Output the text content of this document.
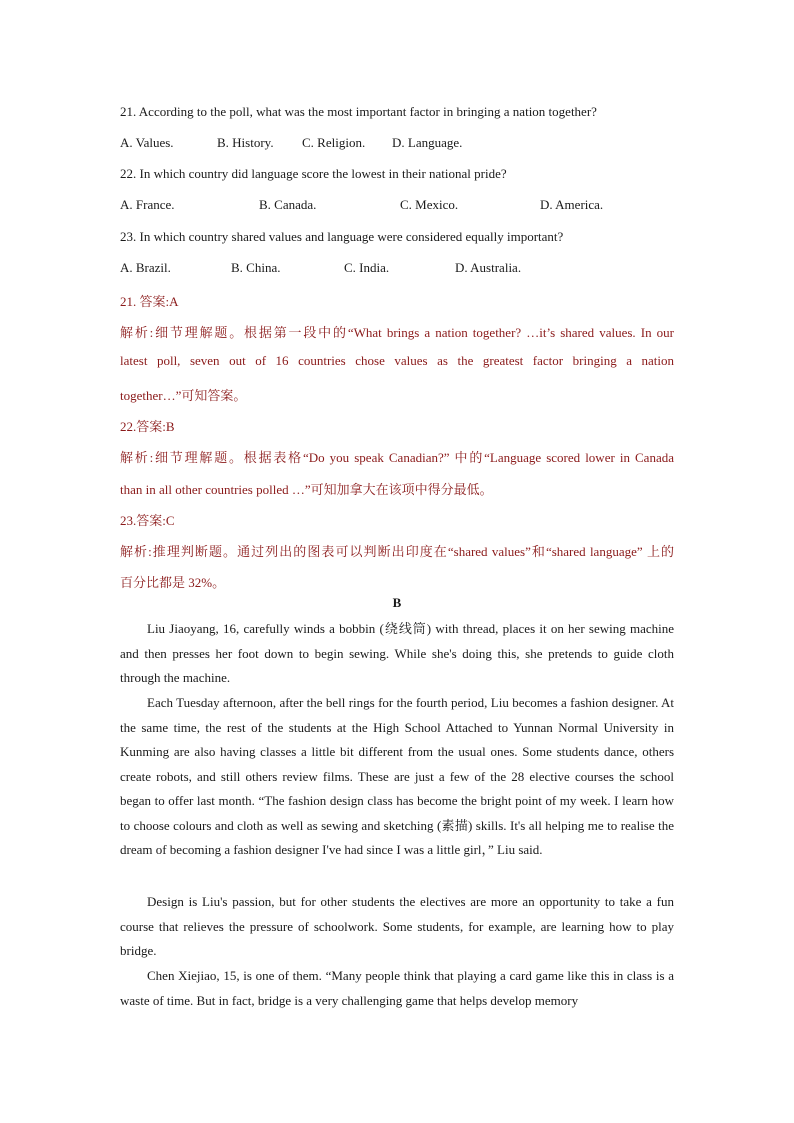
21. According to the poll, what was the most important factor in bringing a nation together?
A. Values.	B. History. C. Religion. D. Language.
22. In which country did language score the lowest in their national pride?
A. France.	B. Canada.	C. Mexico.	D. America.
23. In which country shared values and language were considered equally important?
A. Brazil.	B. China.	C. India.	D. Australia.
21. 答案:A
解析:细节理解题。根据第一段中的“What brings a nation together? …it’s shared values. In our
latest poll, seven out of 16 countries chose values as the greatest factor bringing a nation
together…”可知答案。
22.答案:B
解析:细节理解题。根据表格“Do you speak Canadian?” 中的“Language scored lower in Canada
than in all other countries polled …”可知加拿大在该项中得分最低。
23.答案:C
解析:推理判断题。通过列出的图表可以判断出印度在“shared values”和“shared language” 上的
百分比都是 32%。
B
Liu Jiaoyang, 16, carefully winds a bobbin (绕线筒) with thread, places it on her sewing machine and then presses her foot down to begin sewing. While she's doing this, she pretends to guide cloth through the machine.
Each Tuesday afternoon, after the bell rings for the fourth period, Liu becomes a fashion designer. At the same time, the rest of the students at the High School Attached to Yunnan Normal University in Kunming are also having classes a little bit different from the usual ones. Some students dance, others create robots, and still others review films. These are just a few of the 28 elective courses the school began to offer last month. “The fashion design class has become the bright point of my week. I learn how to choose colours and cloth as well as sewing and sketching (素描) skills. It's all helping me to realise the dream of becoming a fashion designer I've had since I was a little girl，” Liu said.
Design is Liu's passion, but for other students the electives are more an opportunity to take a fun course that relieves the pressure of schoolwork. Some students, for example, are learning how to play bridge.
Chen Xiejiao, 15, is one of them. “Many people think that playing a card game like this in class is a waste of time. But in fact, bridge is a very challenging game that helps develop memory
